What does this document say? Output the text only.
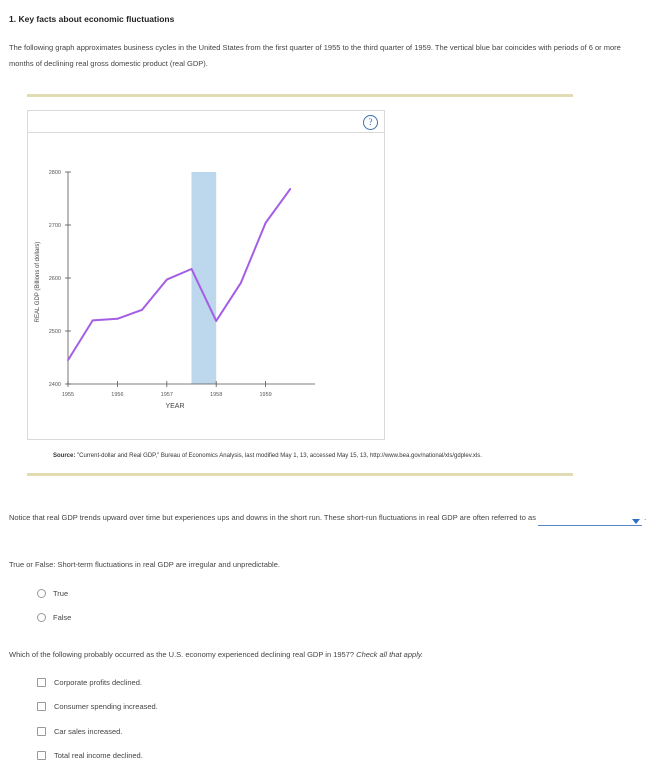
1. Key facts about economic fluctuations
The following graph approximates business cycles in the United States from the first quarter of 1955 to the third quarter of 1959. The vertical blue bar coincides with periods of 6 or more months of declining real gross domestic product (real GDP).
?
2800
2700
2600
2500
2400
1955	1956	1957	1958	1959
YEAR
REAL GDP (Billions of dollars)
Source: "Current-dollar and Real GDP," Bureau of Economics Analysis, last modified May 1, 13, accessed May 15, 13, http://www.bea.gov/national/xls/gdplev.xls.
Notice that real GDP trends upward over time but experiences ups and downs in the short run. These short-run fluctuations in real GDP are often referred to as	.
True or False: Short-term fluctuations in real GDP are irregular and unpredictable.
True
False
Which of the following probably occurred as the U.S. economy experienced declining real GDP in 1957? Check all that apply.
Corporate profits declined.
Consumer spending increased.
Car sales increased.
Total real income declined.
